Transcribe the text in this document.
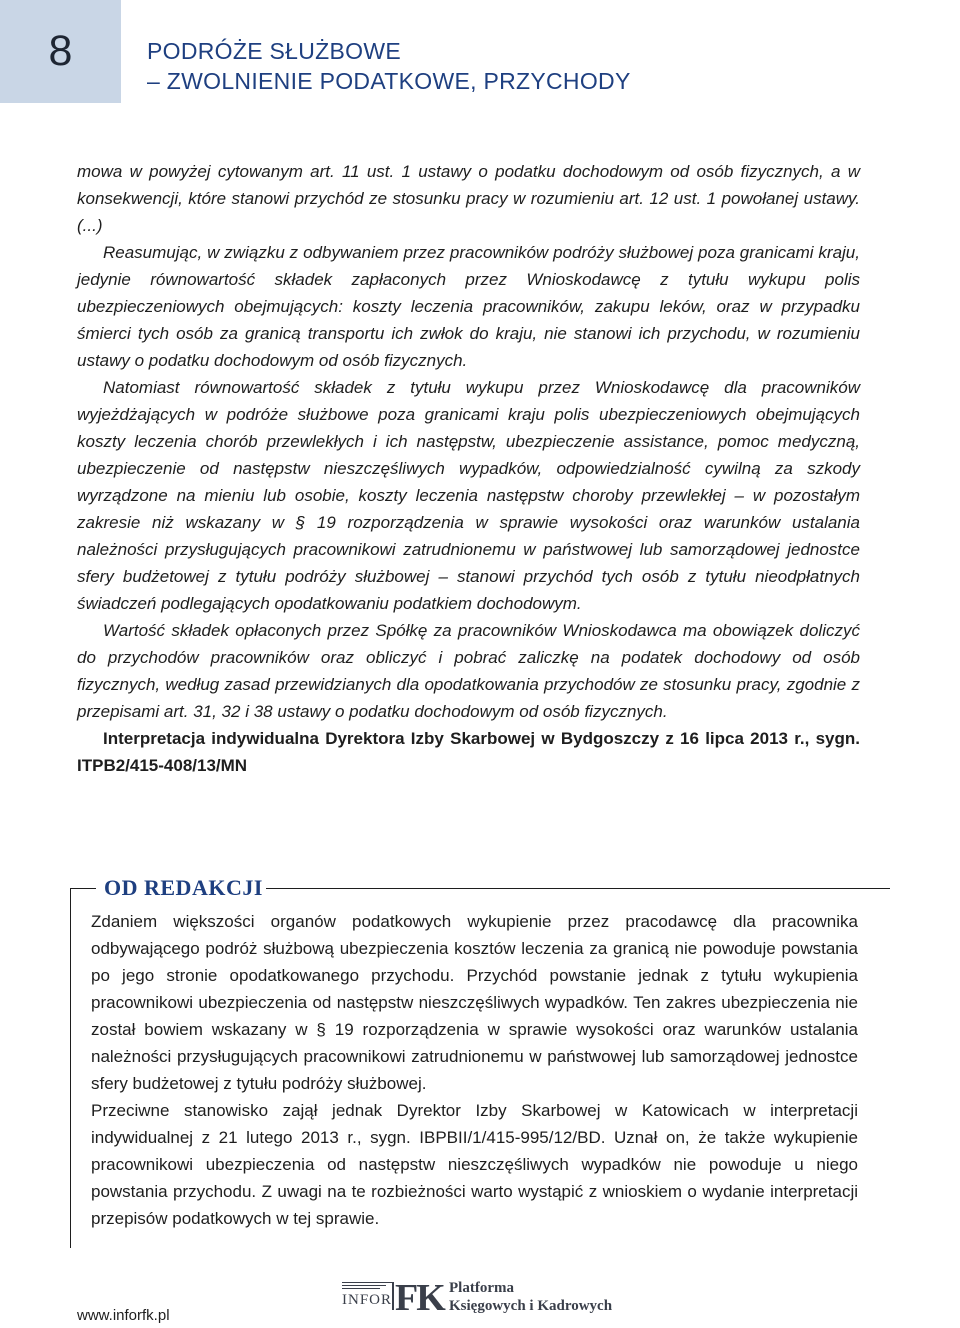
8	PODRÓŻE SŁUŻBOWE
– ZWOLNIENIE PODATKOWE, PRZYCHODY

mowa w powyżej cytowanym art. 11 ust. 1 ustawy o podatku dochodowym od osób fizycznych, a w konsekwencji, które stanowi przychód ze stosunku pracy w rozumieniu art. 12 ust. 1 powołanej ustawy. (...)

Reasumując, w związku z odbywaniem przez pracowników podróży służbowej poza granicami kraju, jedynie równowartość składek zapłaconych przez Wnioskodawcę z tytułu wykupu polis ubezpieczeniowych obejmujących: koszty leczenia pracowników, zakupu leków, oraz w przypadku śmierci tych osób za granicą transportu ich zwłok do kraju, nie stanowi ich przychodu, w rozumieniu ustawy o podatku dochodowym od osób fizycznych.

Natomiast równowartość składek z tytułu wykupu przez Wnioskodawcę dla pracowników wyjeżdżających w podróże służbowe poza granicami kraju polis ubezpieczeniowych obejmujących koszty leczenia chorób przewlekłych i ich następstw, ubezpieczenie assistance, pomoc medyczną, ubezpieczenie od następstw nieszczęśliwych wypadków, odpowiedzialność cywilną za szkody wyrządzone na mieniu lub osobie, koszty leczenia następstw choroby przewlekłej – w pozostałym zakresie niż wskazany w § 19 rozporządzenia w sprawie wysokości oraz warunków ustalania należności przysługujących pracownikowi zatrudnionemu w państwowej lub samorządowej jednostce sfery budżetowej z tytułu podróży służbowej – stanowi przychód tych osób z tytułu nieodpłatnych świadczeń podlegających opodatkowaniu podatkiem dochodowym.

Wartość składek opłaconych przez Spółkę za pracowników Wnioskodawca ma obowiązek doliczyć do przychodów pracowników oraz obliczyć i pobrać zaliczkę na podatek dochodowy od osób fizycznych, według zasad przewidzianych dla opodatkowania przychodów ze stosunku pracy, zgodnie z przepisami art. 31, 32 i 38 ustawy o podatku dochodowym od osób fizycznych.

Interpretacja indywidualna Dyrektora Izby Skarbowej w Bydgoszczy z 16 lipca 2013 r., sygn. ITPB2/415-408/13/MN

OD REDAKCJI

Zdaniem większości organów podatkowych wykupienie przez pracodawcę dla pracownika odbywającego podróż służbową ubezpieczenia kosztów leczenia za granicą nie powoduje powstania po jego stronie opodatkowanego przychodu. Przychód powstanie jednak z tytułu wykupienia pracownikowi ubezpieczenia od następstw nieszczęśliwych wypadków. Ten zakres ubezpieczenia nie został bowiem wskazany w § 19 rozporządzenia w sprawie wysokości oraz warunków ustalania należności przysługujących pracownikowi zatrudnionemu w państwowej lub samorządowej jednostce sfery budżetowej z tytułu podróży służbowej.

Przeciwne stanowisko zajął jednak Dyrektor Izby Skarbowej w Katowicach w interpretacji indywidualnej z 21 lutego 2013 r., sygn. IBPBII/1/415-995/12/BD. Uznał on, że także wykupienie pracownikowi ubezpieczenia od następstw nieszczęśliwych wypadków nie powoduje u niego powstania przychodu. Z uwagi na te rozbieżności warto wystąpić z wnioskiem o wydanie interpretacji przepisów podatkowych w tej sprawie.

www.inforfk.pl
INFOR FK Platforma
Księgowych i Kadrowych
